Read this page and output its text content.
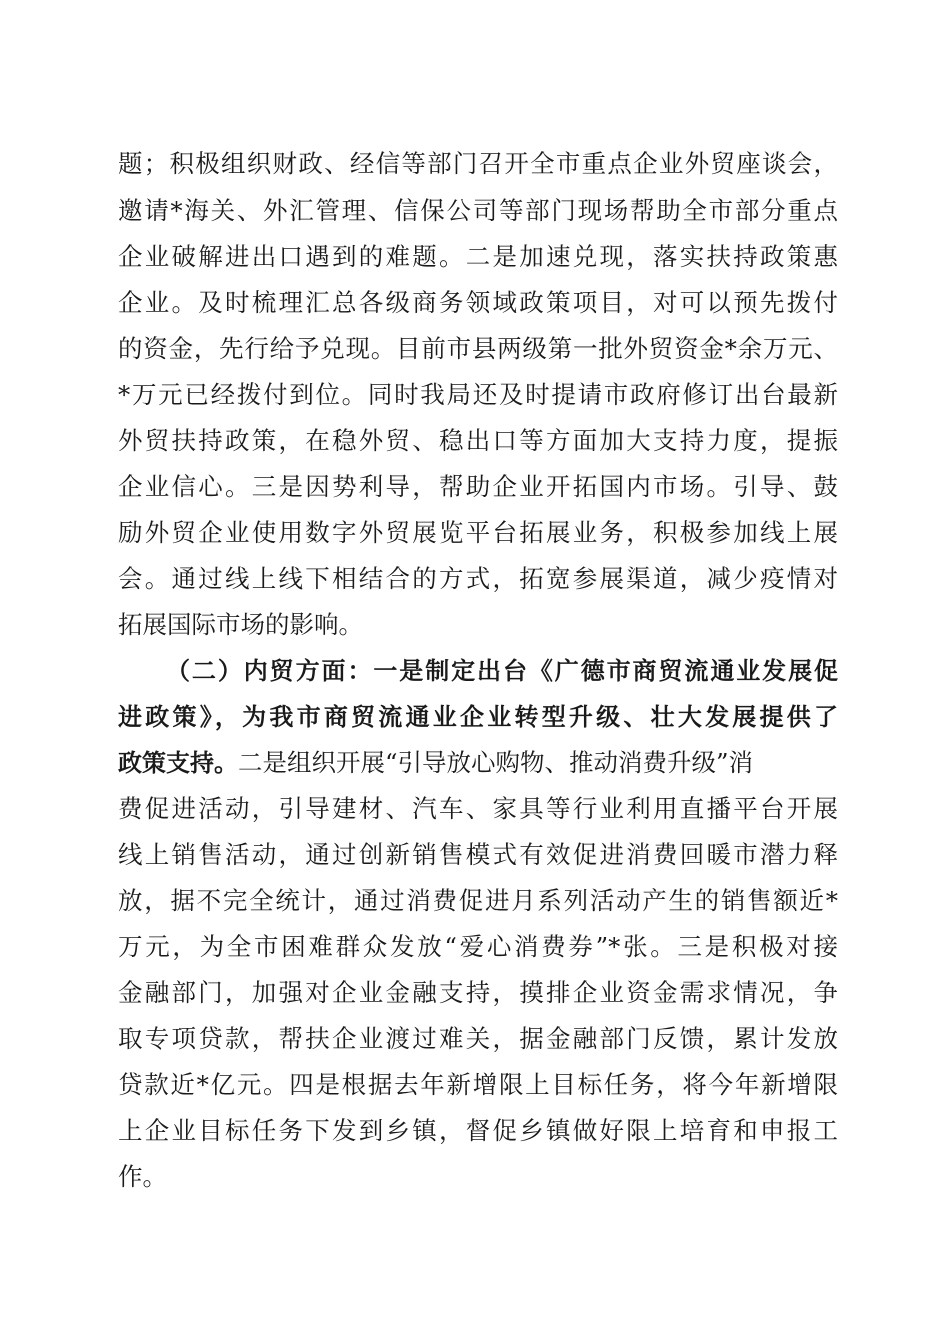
题；积极组织财政、经信等部门召开全市重点企业外贸座谈会，
邀请*海关、外汇管理、信保公司等部门现场帮助全市部分重点
企业破解进出口遇到的难题。二是加速兑现，落实扶持政策惠
企业。及时梳理汇总各级商务领域政策项目，对可以预先拨付
的资金，先行给予兑现。目前市县两级第一批外贸资金*余万元、
*万元已经拨付到位。同时我局还及时提请市政府修订出台最新
外贸扶持政策，在稳外贸、稳出口等方面加大支持力度，提振
企业信心。三是因势利导，帮助企业开拓国内市场。引导、鼓
励外贸企业使用数字外贸展览平台拓展业务，积极参加线上展
会。通过线上线下相结合的方式，拓宽参展渠道，减少疫情对
拓展国际市场的影响。
（二）内贸方面：一是制定出台《广德市商贸流通业发展促
进政策》，为我市商贸流通业企业转型升级、壮大发展提供了
政策支持。二是组织开展“引导放心购物、推动消费升级”消
费促进活动，引导建材、汽车、家具等行业利用直播平台开展
线上销售活动，通过创新销售模式有效促进消费回暖市潜力释
放，据不完全统计，通过消费促进月系列活动产生的销售额近*
万元，为全市困难群众发放“爱心消费券”*张。三是积极对接
金融部门，加强对企业金融支持，摸排企业资金需求情况，争
取专项贷款，帮扶企业渡过难关，据金融部门反馈，累计发放
贷款近*亿元。四是根据去年新增限上目标任务，将今年新增限
上企业目标任务下发到乡镇，督促乡镇做好限上培育和申报工
作。
